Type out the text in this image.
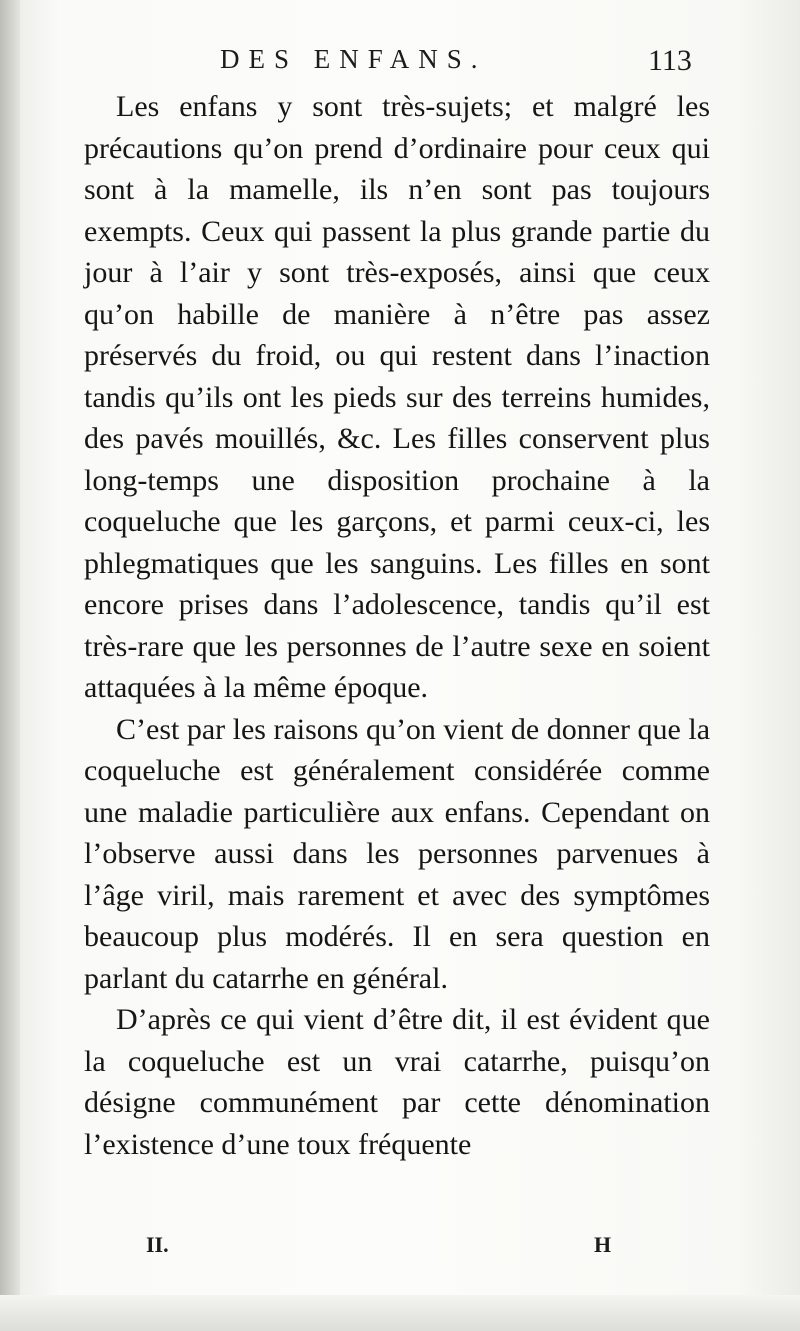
DES ENFANS.	113

Les enfans y sont très-sujets; et malgré les précautions qu’on prend d’ordinaire pour ceux qui sont à la mamelle, ils n’en sont pas toujours exempts. Ceux qui passent la plus grande partie du jour à l’air y sont très-exposés, ainsi que ceux qu’on habille de manière à n’être pas assez préservés du froid, ou qui restent dans l’inaction tandis qu’ils ont les pieds sur des terreins humides, des pavés mouillés, &c. Les filles conservent plus long-temps une disposition prochaine à la coqueluche que les garçons, et parmi ceux-ci, les phlegmatiques que les sanguins. Les filles en sont encore prises dans l’adolescence, tandis qu’il est très-rare que les personnes de l’autre sexe en soient attaquées à la même époque.

C’est par les raisons qu’on vient de donner que la coqueluche est généralement considérée comme une maladie particulière aux enfans. Cependant on l’observe aussi dans les personnes parvenues à l’âge viril, mais rarement et avec des symptômes beaucoup plus modérés. Il en sera question en parlant du catarrhe en général.

D’après ce qui vient d’être dit, il est évident que la coqueluche est un vrai catarrhe, puisqu’on désigne communément par cette dénomination l’existence d’une toux fréquente

II.	H
